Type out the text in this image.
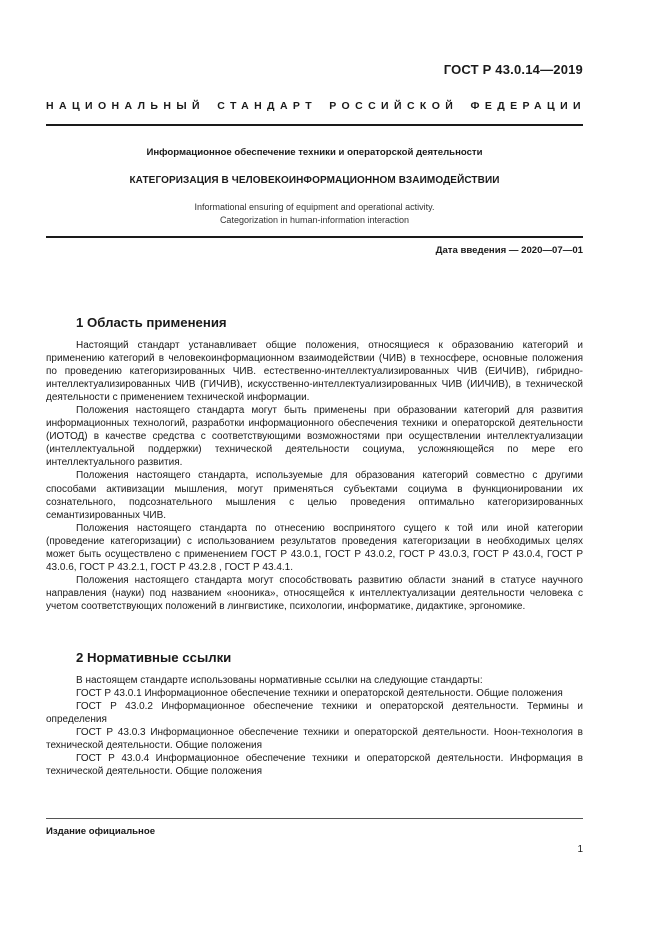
ГОСТ Р 43.0.14—2019
НАЦИОНАЛЬНЫЙ СТАНДАРТ РОССИЙСКОЙ ФЕДЕРАЦИИ
Информационное обеспечение техники и операторской деятельности
КАТЕГОРИЗАЦИЯ В ЧЕЛОВЕКОИНФОРМАЦИОННОМ ВЗАИМОДЕЙСТВИИ
Informational ensuring of equipment and operational activity.
Categorization in human-information interaction
Дата введения — 2020—07—01
1 Область применения

Настоящий стандарт устанавливает общие положения, относящиеся к образованию категорий и применению категорий в человекоинформационном взаимодействии (ЧИВ) в техносфере, основные положения по проведению категоризированных ЧИВ. естественно-интеллектуализированных ЧИВ (ЕИЧИВ), гибридно-интеллектуализированных ЧИВ (ГИЧИВ), искусственно-интеллектуализированных ЧИВ (ИИЧИВ), в технической деятельности с применением технической информации.

Положения настоящего стандарта могут быть применены при образовании категорий для развития информационных технологий, разработки информационного обеспечения техники и операторской деятельности (ИОТОД) в качестве средства с соответствующими возможностями при осуществлении интеллектуализации (интеллектуальной поддержки) технической деятельности социума, усложняющейся по мере его интеллектуального развития.

Положения настоящего стандарта, используемые для образования категорий совместно с другими способами активизации мышления, могут применяться субъектами социума в функционировании их сознательного, подсознательного мышления с целью проведения оптимально категоризированных семантизированных ЧИВ.

Положения настоящего стандарта по отнесению воспринятого сущего к той или иной категории (проведение категоризации) с использованием результатов проведения категоризации в необходимых целях может быть осуществлено с применением ГОСТ Р 43.0.1, ГОСТ Р 43.0.2, ГОСТ Р 43.0.3, ГОСТ Р 43.0.4, ГОСТ Р 43.0.6, ГОСТ Р 43.2.1, ГОСТ Р 43.2.8 , ГОСТ Р 43.4.1.

Положения настоящего стандарта могут способствовать развитию области знаний в статусе научного направления (науки) под названием «нооника», относящейся к интеллектуализации деятельности человека с учетом соответствующих положений в лингвистике, психологии, информатике, дидактике, эргономике.

2 Нормативные ссылки

В настоящем стандарте использованы нормативные ссылки на следующие стандарты:

ГОСТ Р 43.0.1 Информационное обеспечение техники и операторской деятельности. Общие положения

ГОСТ Р 43.0.2 Информационное обеспечение техники и операторской деятельности. Термины и определения

ГОСТ Р 43.0.3 Информационное обеспечение техники и операторской деятельности. Ноон-технология в технической деятельности. Общие положения

ГОСТ Р 43.0.4 Информационное обеспечение техники и операторской деятельности. Информация в технической деятельности. Общие положения

Издание официальное
1
